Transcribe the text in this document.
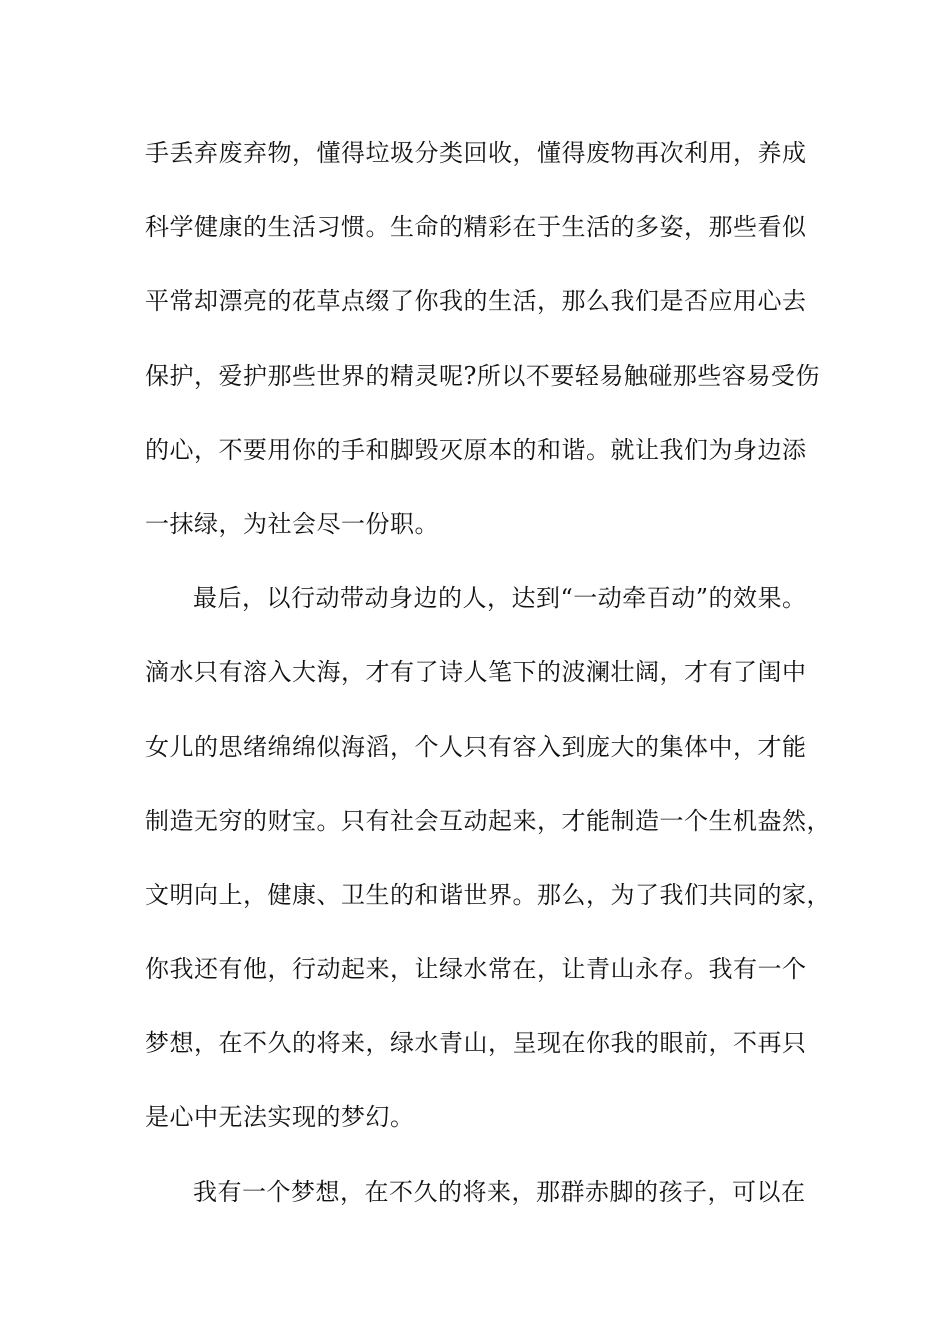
手丢弃废弃物，懂得垃圾分类回收，懂得废物再次利用，养成
科学健康的生活习惯。生命的精彩在于生活的多姿，那些看似
平常却漂亮的花草点缀了你我的生活，那么我们是否应用心去
保护，爱护那些世界的精灵呢?所以不要轻易触碰那些容易受伤
的心，不要用你的手和脚毁灭原本的和谐。就让我们为身边添
一抹绿，为社会尽一份职。
最后，以行动带动身边的人，达到“一动牵百动”的效果。
滴水只有溶入大海，才有了诗人笔下的波澜壮阔，才有了闺中
女儿的思绪绵绵似海滔，个人只有容入到庞大的集体中，才能
制造无穷的财宝。只有社会互动起来，才能制造一个生机盎然，
文明向上，健康、卫生的和谐世界。那么，为了我们共同的家，
你我还有他，行动起来，让绿水常在，让青山永存。我有一个
梦想，在不久的将来，绿水青山，呈现在你我的眼前，不再只
是心中无法实现的梦幻。
我有一个梦想，在不久的将来，那群赤脚的孩子，可以在
